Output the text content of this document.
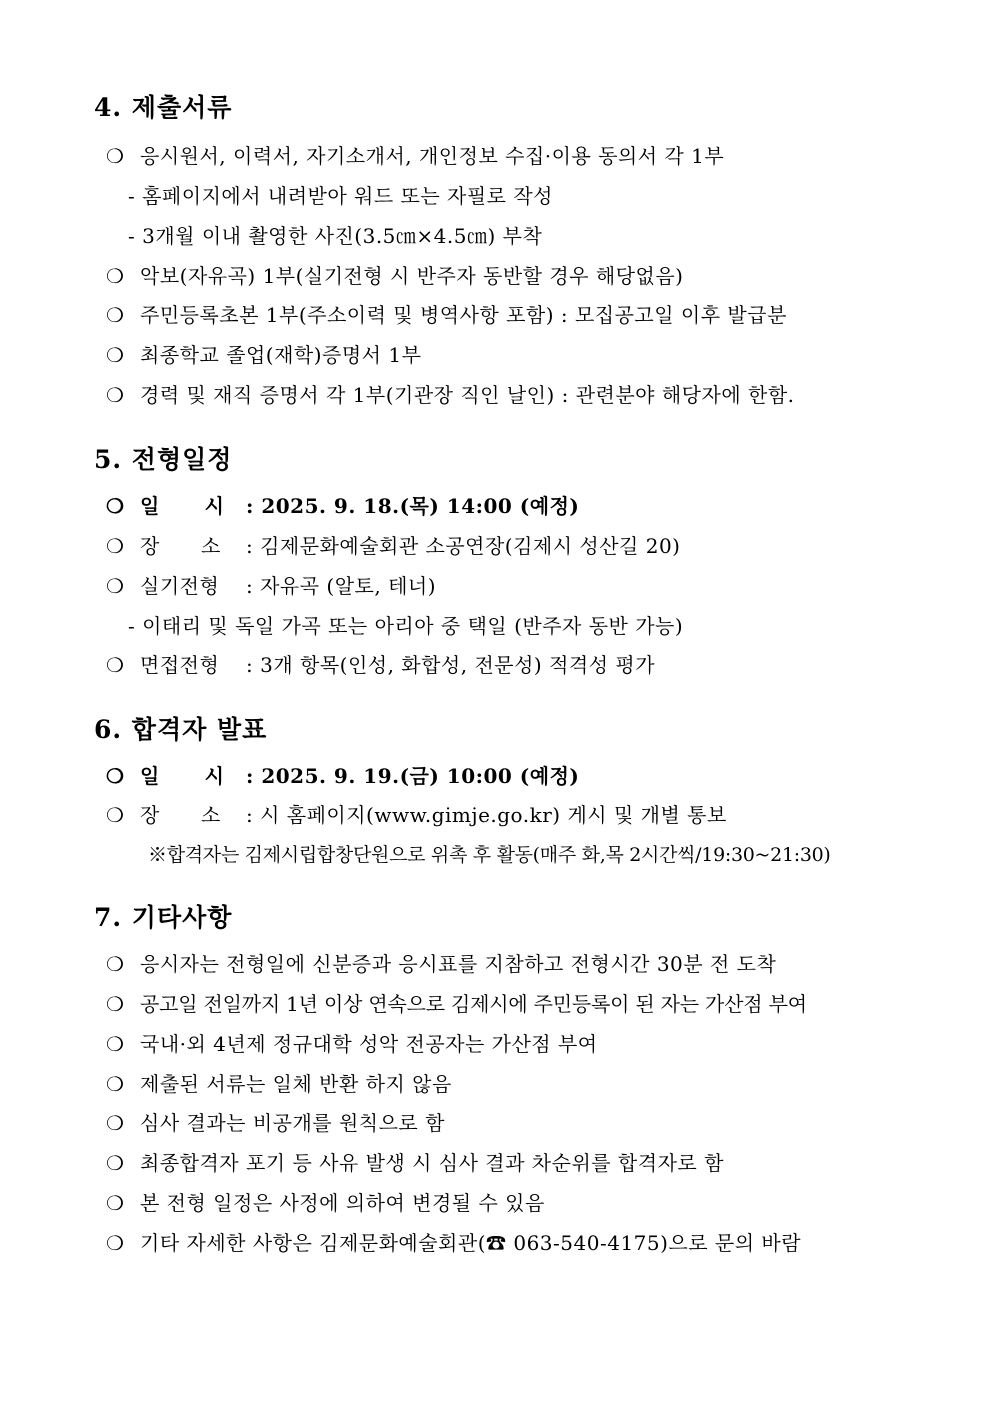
4. 제출서류
❍ 응시원서, 이력서, 자기소개서, 개인정보 수집·이용 동의서 각 1부
- 홈페이지에서 내려받아 워드 또는 자필로 작성
- 3개월 이내 촬영한 사진(3.5㎝×4.5㎝) 부착
❍ 악보(자유곡) 1부(실기전형 시 반주자 동반할 경우 해당없음)
❍ 주민등록초본 1부(주소이력 및 병역사항 포함) : 모집공고일 이후 발급분
❍ 최종학교 졸업(재학)증명서 1부
❍ 경력 및 재직 증명서 각 1부(기관장 직인 날인) : 관련분야 해당자에 한함.
5. 전형일정
❍ 일      시 : 2025. 9. 18.(목) 14:00 (예정)
❍ 장      소 : 김제문화예술회관 소공연장(김제시 성산길 20)
❍ 실기전형 : 자유곡 (알토, 테너)
- 이태리 및 독일 가곡 또는 아리아 중 택일 (반주자 동반 가능)
❍ 면접전형 : 3개 항목(인성, 화합성, 전문성) 적격성 평가
6. 합격자 발표
❍ 일      시 : 2025. 9. 19.(금) 10:00 (예정)
❍ 장      소 : 시 홈페이지(www.gimje.go.kr) 게시 및 개별 통보
※합격자는 김제시립합창단원으로 위촉 후 활동(매주 화,목 2시간씩/19:30~21:30)
7. 기타사항
❍ 응시자는 전형일에 신분증과 응시표를 지참하고 전형시간 30분 전 도착
❍ 공고일 전일까지 1년 이상 연속으로 김제시에 주민등록이 된 자는 가산점 부여
❍ 국내·외 4년제 정규대학 성악 전공자는 가산점 부여
❍ 제출된 서류는 일체 반환 하지 않음
❍ 심사 결과는 비공개를 원칙으로 함
❍ 최종합격자 포기 등 사유 발생 시 심사 결과 차순위를 합격자로 함
❍ 본 전형 일정은 사정에 의하여 변경될 수 있음
❍ 기타 자세한 사항은 김제문화예술회관(☎ 063-540-4175)으로 문의 바람
